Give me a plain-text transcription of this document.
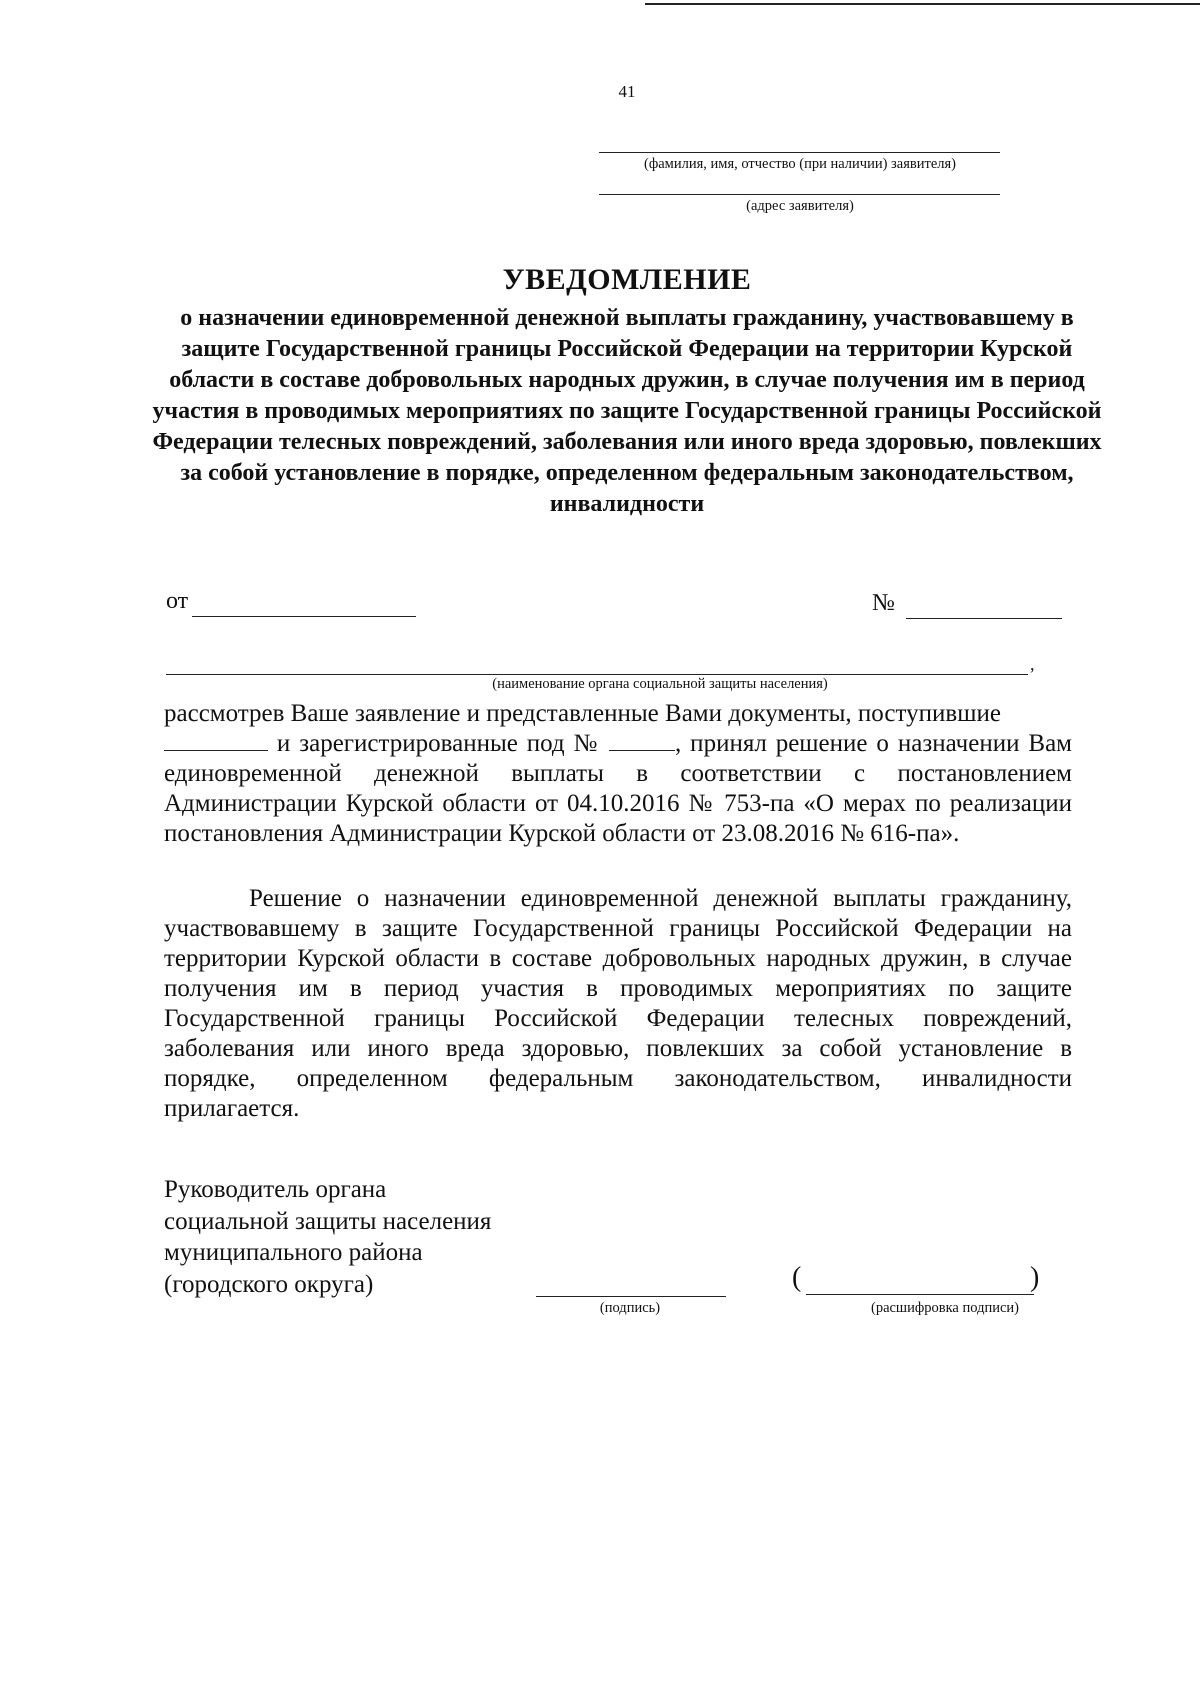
41
(фамилия, имя, отчество (при наличии) заявителя)
(адрес заявителя)
УВЕДОМЛЕНИЕ

о назначении единовременной денежной выплаты гражданину, участвовавшему в защите Государственной границы Российской Федерации на территории Курской области в составе добровольных народных дружин, в случае получения им в период участия в проводимых мероприятиях по защите Государственной границы Российской Федерации телесных повреждений, заболевания или иного вреда здоровью, повлекших за собой установление в порядке, определенном федеральным законодательством, инвалидности

от	№
,
(наименование органа социальной защиты населения)

рассмотрев Ваше заявление и представленные Вами документы, поступившие
и зарегистрированные под №	, принял решение о назначении Вам единовременной денежной выплаты в соответствии с постановлением Администрации Курской области от 04.10.2016 № 753-па «О мерах по реализации постановления Администрации Курской области от 23.08.2016 № 616-па».

Решение о назначении единовременной денежной выплаты гражданину, участвовавшему в защите Государственной границы Российской Федерации на территории Курской области в составе добровольных народных дружин, в случае получения им в период участия в проводимых мероприятиях по защите Государственной границы Российской Федерации телесных повреждений, заболевания или иного вреда здоровью, повлекших за собой установление в порядке, определенном федеральным законодательством, инвалидности прилагается.

Руководитель органа
социальной защиты населения
муниципального района
(городского округа)
(подпись)
(	)
(расшифровка подписи)
